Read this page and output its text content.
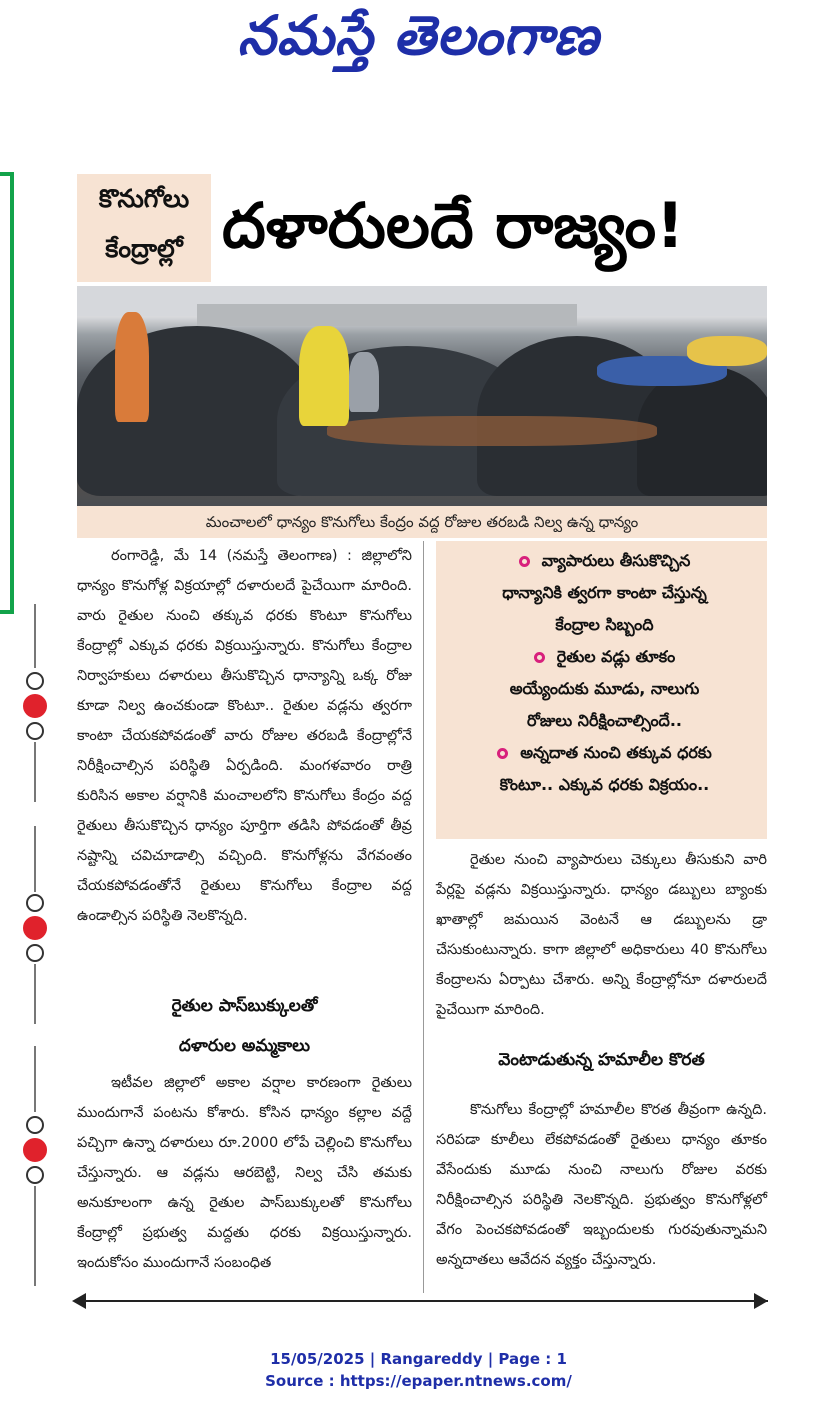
నమస్తే తెలంగాణ
కొనుగోలు
కేంద్రాల్లో దళారులదే రాజ్యం!
మంచాలలో ధాన్యం కొనుగోలు కేంద్రం వద్ద రోజుల తరబడి నిల్వ ఉన్న ధాన్యం

రంగారెడ్డి, మే 14 (నమస్తే తెలంగాణ) : జిల్లాలోని ధాన్యం కొనుగోళ్ల విక్రయాల్లో దళారులదే పైచేయిగా మారింది. వారు రైతుల నుంచి తక్కువ ధరకు కొంటూ కొనుగోలు కేంద్రాల్లో ఎక్కువ ధరకు విక్రయిస్తున్నారు. కొనుగోలు కేంద్రాల నిర్వాహకులు దళారులు తీసుకొచ్చిన ధాన్యాన్ని ఒక్క రోజు కూడా నిల్వ ఉంచకుండా కొంటూ.. రైతుల వడ్లను త్వరగా కాంటా చేయకపోవడంతో వారు రోజుల తరబడి కేంద్రాల్లోనే నిరీక్షించాల్సిన పరిస్థితి ఏర్పడింది. మంగళవారం రాత్రి కురిసిన అకాల వర్షానికి మంచాలలోని కొనుగోలు కేంద్రం వద్ద రైతులు తీసుకొచ్చిన ధాన్యం పూర్తిగా తడిసి పోవడంతో తీవ్ర నష్టాన్ని చవిచూడాల్సి వచ్చింది. కొనుగోళ్లను వేగవంతం చేయకపోవడంతోనే రైతులు కొనుగోలు కేంద్రాల వద్ద ఉండాల్సిన పరిస్థితి నెలకొన్నది.

రైతుల పాస్‌బుక్కులతో
దళారుల అమ్మకాలు

ఇటీవల జిల్లాలో అకాల వర్షాల కారణంగా రైతులు ముందుగానే పంటను కోశారు. కోసిన ధాన్యం కల్లాల వద్దే పచ్చిగా ఉన్నా దళారులు రూ.2000 లోపే చెల్లించి కొనుగోలు చేస్తున్నారు. ఆ వడ్లను ఆరబెట్టి, నిల్వ చేసి తమకు అనుకూలంగా ఉన్న రైతుల పాస్‌బుక్కులతో కొనుగోలు కేంద్రాల్లో ప్రభుత్వ మద్దతు ధరకు విక్రయిస్తున్నారు. ఇందుకోసం ముందుగానే సంబంధిత

వ్యాపారులు తీసుకొచ్చిన
ధాన్యానికి త్వరగా కాంటా చేస్తున్న
కేంద్రాల సిబ్బంది
రైతుల వడ్లు తూకం
అయ్యేందుకు మూడు, నాలుగు
రోజులు నిరీక్షించాల్సిందే..
అన్నదాత నుంచి తక్కువ ధరకు
కొంటూ.. ఎక్కువ ధరకు విక్రయం..

రైతుల నుంచి వ్యాపారులు చెక్కులు తీసుకుని వారి పేర్లపై వడ్లను విక్రయిస్తున్నారు. ధాన్యం డబ్బులు బ్యాంకు ఖాతాల్లో జమయిన వెంటనే ఆ డబ్బులను డ్రా చేసుకుంటున్నారు. కాగా జిల్లాలో అధికారులు 40 కొనుగోలు కేంద్రాలను ఏర్పాటు చేశారు. అన్ని కేంద్రాల్లోనూ దళారులదే పైచేయిగా మారింది.

వెంటాడుతున్న హమాలీల కొరత

కొనుగోలు కేంద్రాల్లో హమాలీల కొరత తీవ్రంగా ఉన్నది. సరిపడా కూలీలు లేకపోవడంతో రైతులు ధాన్యం తూకం వేసేందుకు మూడు నుంచి నాలుగు రోజుల వరకు నిరీక్షించాల్సిన పరిస్థితి నెలకొన్నది. ప్రభుత్వం కొనుగోళ్లలో వేగం పెంచకపోవడంతో ఇబ్బందులకు గురవుతున్నామని అన్నదాతలు ఆవేదన వ్యక్తం చేస్తున్నారు.

15/05/2025 | Rangareddy | Page : 1
Source : https://epaper.ntnews.com/
